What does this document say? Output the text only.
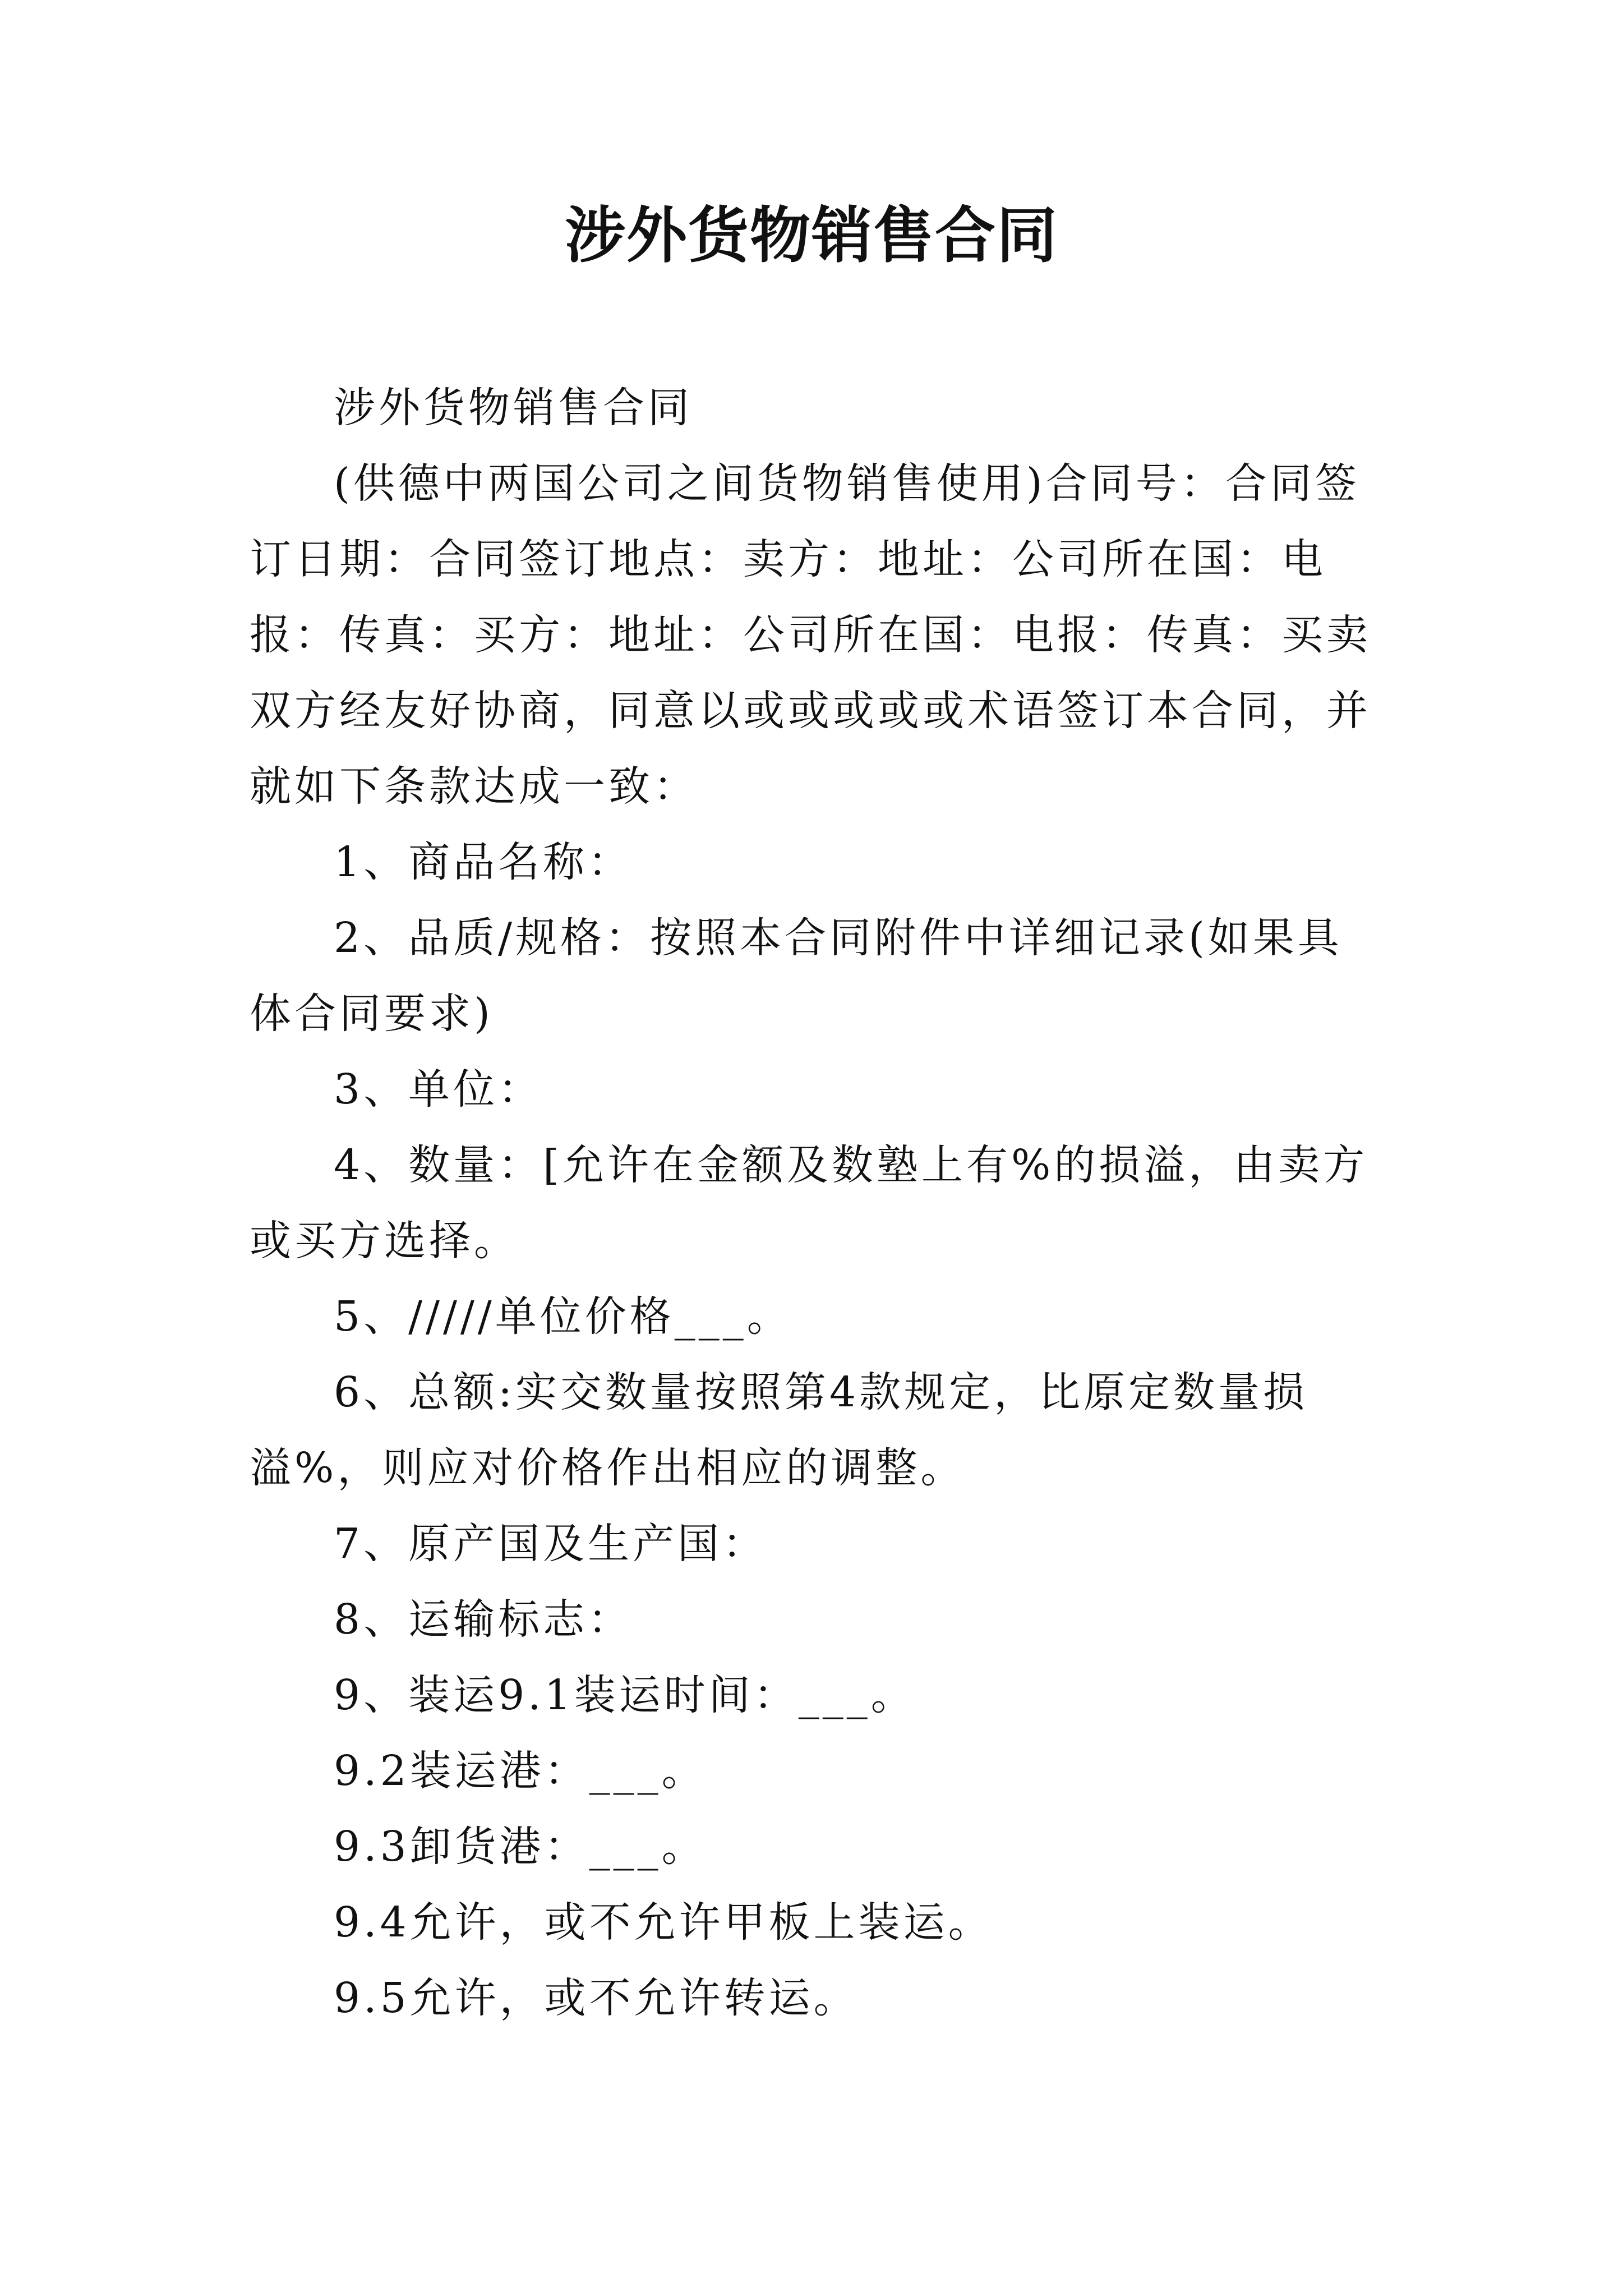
涉外货物销售合同

涉外货物销售合同

(供德中两国公司之间货物销售使用)合同号：合同签订日期：合同签订地点：卖方：地址：公司所在国：电报：传真：买方：地址：公司所在国：电报：传真：买卖双方经友好协商，同意以或或或或或术语签订本合同，并就如下条款达成一致：

1、商品名称：

2、品质/规格：按照本合同附件中详细记录(如果具体合同要求)

3、单位：

4、数量：[允许在金额及数塾上有%的损溢，由卖方或买方选择。

5、/////单位价格___。

6、总额:实交数量按照第4款规定，比原定数量损溢%，则应对价格作出相应的调整。

7、原产国及生产国：

8、运输标志：

9、装运9.1装运时间：___。

9.2装运港：___。

9.3卸货港：___。

9.4允许，或不允许甲板上装运。

9.5允许，或不允许转运。
